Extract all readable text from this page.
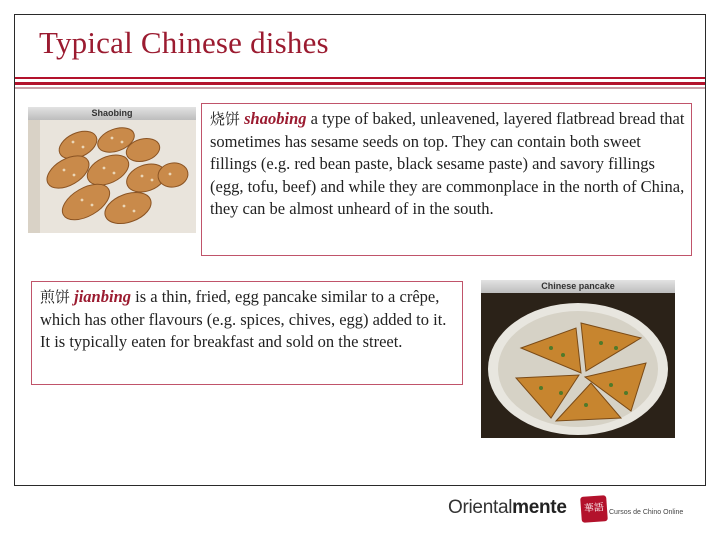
Typical Chinese dishes
Shaobing	烧饼 shaobing a type of baked, unleavened, layered flatbread bread that sometimes has sesame seeds on top. They can contain both sweet fillings (e.g. red bean paste, black sesame paste) and savory fillings (egg, tofu, beef) and while they are commonplace in the north of China, they can be almost unheard of in the south.
煎饼 jianbing is a thin, fried, egg pancake similar to a crêpe, which has other flavours (e.g. spices, chives, egg) added to it. It is typically eaten for breakfast and sold on the street.
Chinese pancake
Orientalmente	華語 Cursos de Chino Online
